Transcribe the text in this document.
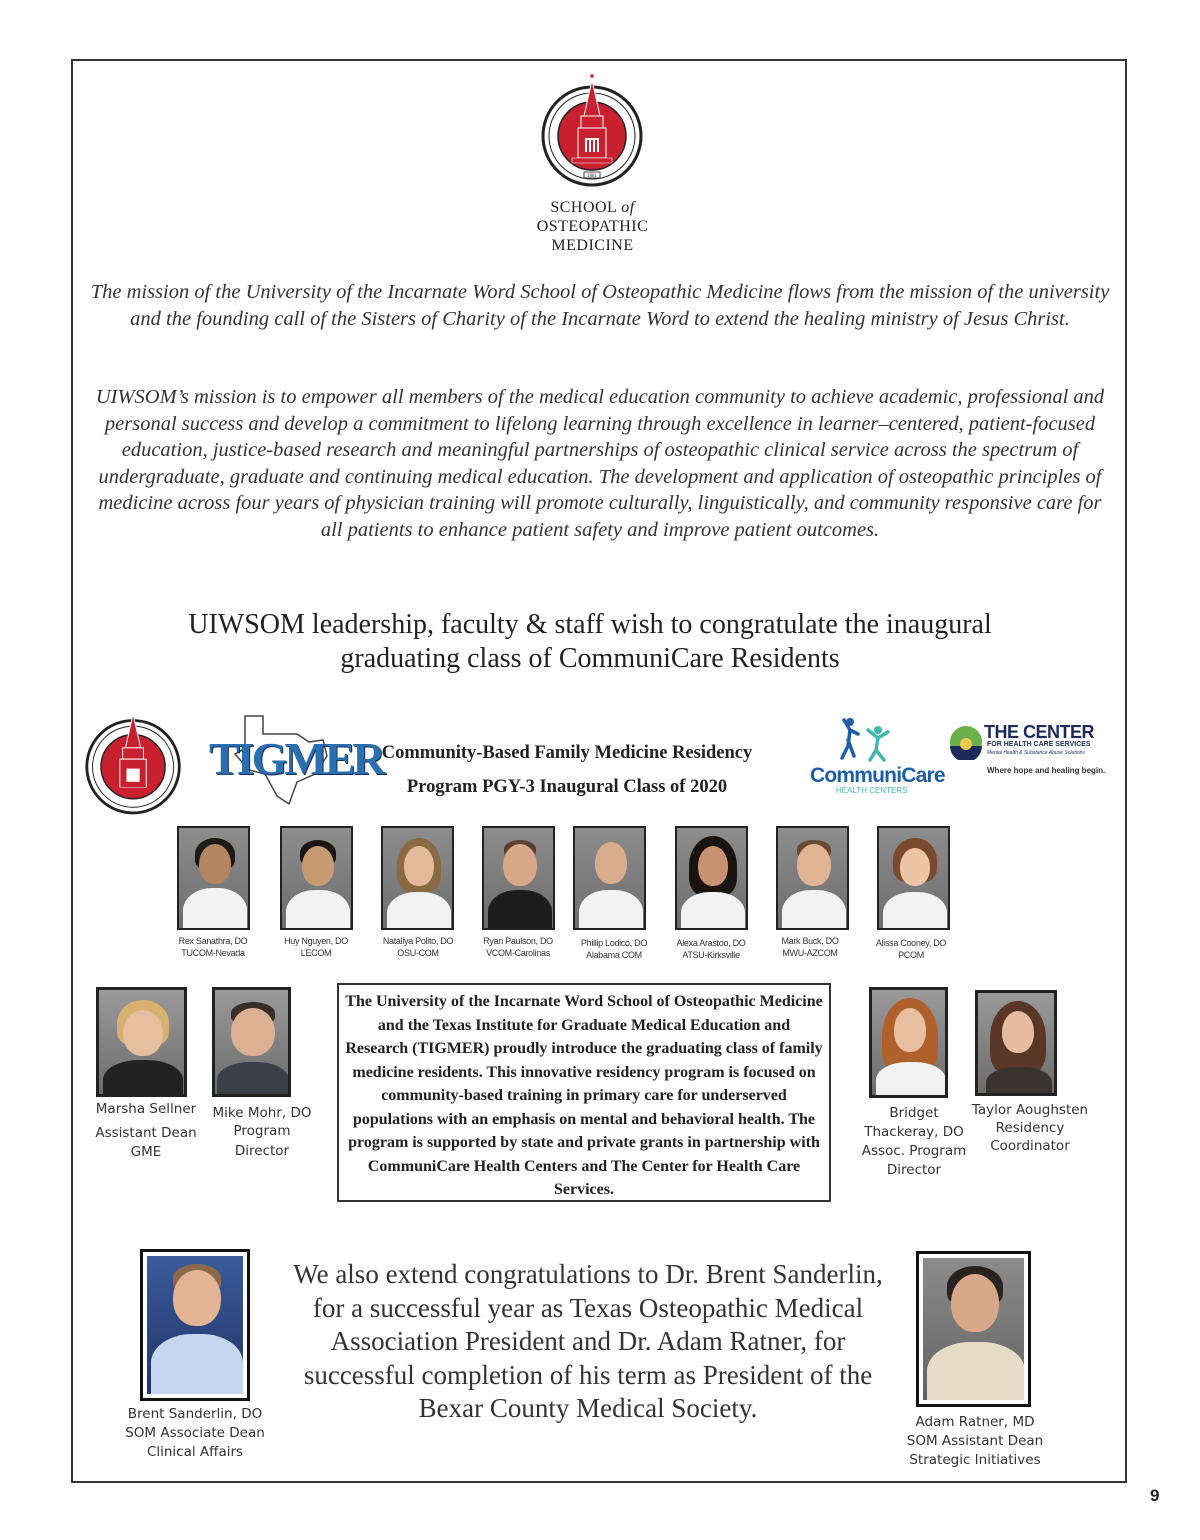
1881
SCHOOL of
OSTEOPATHIC
MEDICINE
The mission of the University of the Incarnate Word School of Osteopathic Medicine flows from the mission of the university and the founding call of the Sisters of Charity of the Incarnate Word to extend the healing ministry of Jesus Christ.
UIWSOM’s mission is to empower all members of the medical education community to achieve academic, professional and personal success and develop a commitment to lifelong learning through excellence in learner–centered, patient-focused education, justice-based research and meaningful partnerships of osteopathic clinical service across the spectrum of undergraduate, graduate and continuing medical education. The development and application of osteopathic principles of medicine across four years of physician training will promote culturally, linguistically, and community responsive care for all patients to enhance patient safety and improve patient outcomes.
UIWSOM leadership, faculty & staff wish to congratulate the inaugural
graduating class of CommuniCare Residents
TIGMER Community-Based Family Medicine Residency
Program PGY-3 Inaugural Class of 2020	CommuniCare
HEALTH CENTERS
THE CENTER
FOR HEALTH CARE SERVICES
Mental Health & Substance Abuse Solutions
Where hope and healing begin.
Rex Sanathra, DO
TUCOM-Nevada
Huy Nguyen, DO
LECOM
Nataliya Polito, DO
OSU-COM
Ryan Paulson, DO
VCOM-Carolinas
Phillip Lodico, DO
Alabama COM
Alexa Arastoo, DO
ATSU-Kirksville
Mark Buck, DO
MWU-AZCOM
Alissa Cooney, DO
PCOM
Marsha Sellner
Assistant Dean
GME
Mike Mohr, DO
Program
Director
Bridget
Thackeray, DO
Assoc. Program
Director
Taylor Aoughsten
Residency
Coordinator
The University of the Incarnate Word School of Osteopathic Medicine and the Texas Institute for Graduate Medical Education and Research (TIGMER) proudly introduce the graduating class of family medicine residents. This innovative residency program is focused on community-based training in primary care for underserved populations with an emphasis on mental and behavioral health. The program is supported by state and private grants in partnership with CommuniCare Health Centers and The Center for Health Care Services.
We also extend congratulations to Dr. Brent Sanderlin, for a successful year as Texas Osteopathic Medical Association President and Dr. Adam Ratner, for successful completion of his term as President of the Bexar County Medical Society.
Brent Sanderlin, DO
SOM Associate Dean
Clinical Affairs
Adam Ratner, MD
SOM Assistant Dean
Strategic Initiatives
9
